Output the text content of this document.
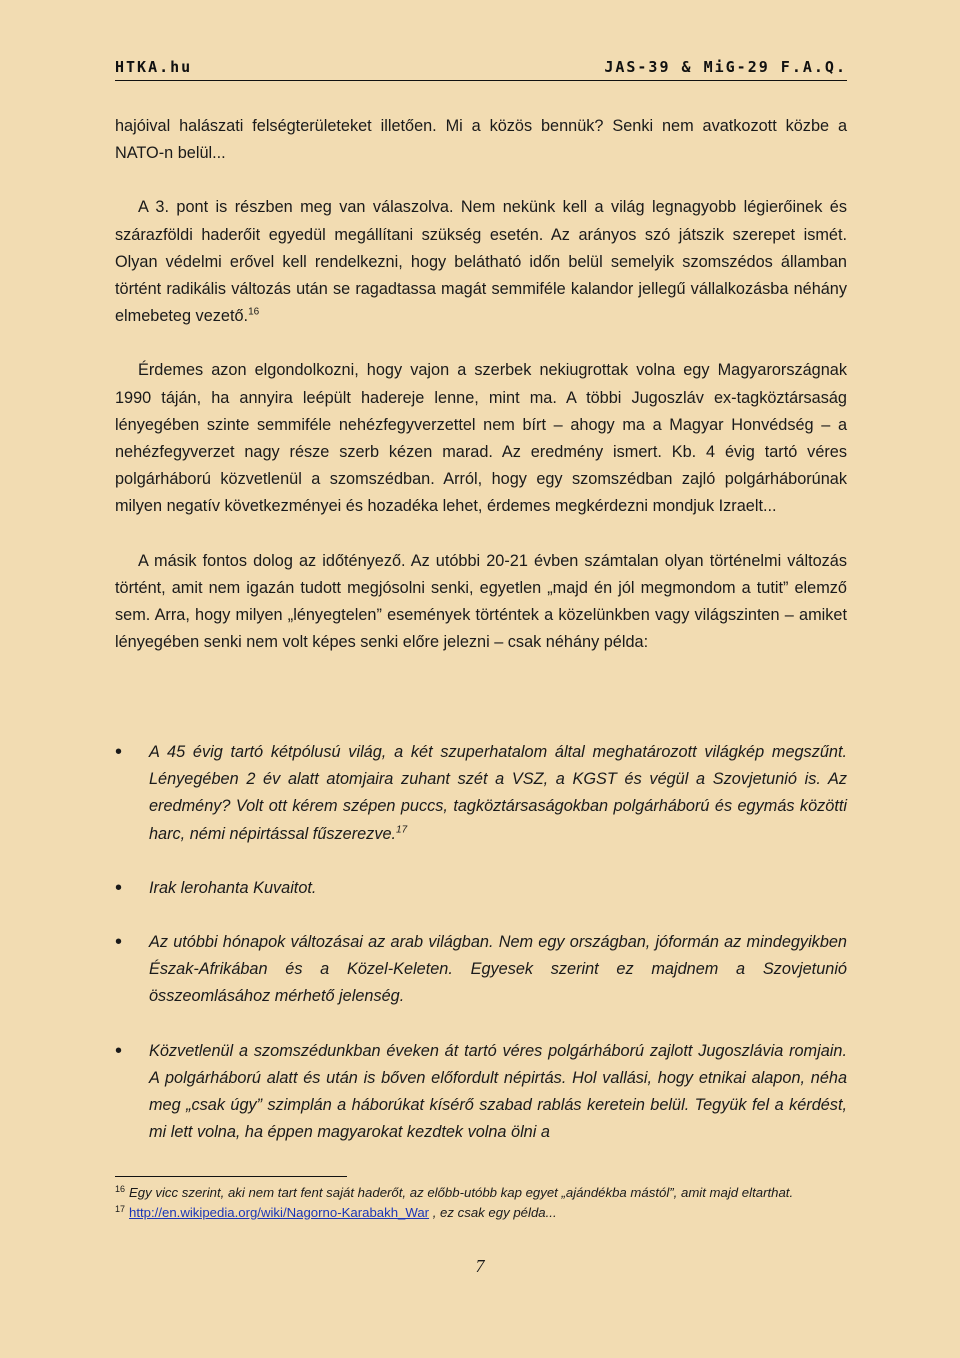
HTKA.hu	JAS-39 & MiG-29 F.A.Q.

hajóival halászati felségterületeket illetően. Mi a közös bennük? Senki nem avatkozott közbe a NATO-n belül...

A 3. pont is részben meg van válaszolva. Nem nekünk kell a világ legnagyobb légierőinek és szárazföldi haderőit egyedül megállítani szükség esetén. Az arányos szó játszik szerepet ismét. Olyan védelmi erővel kell rendelkezni, hogy belátható időn belül semelyik szomszédos államban történt radikális változás után se ragadtassa magát semmiféle kalandor jellegű vállalkozásba néhány elmebeteg vezető.$^{16}$

Érdemes azon elgondolkozni, hogy vajon a szerbek nekiugrottak volna egy Magyarországnak 1990 táján, ha annyira leépült hadereje lenne, mint ma. A többi Jugoszláv ex-tagköztársaság lényegében szinte semmiféle nehézfegyverzettel nem bírt – ahogy ma a Magyar Honvédség – a nehézfegyverzet nagy része szerb kézen marad. Az eredmény ismert. Kb. 4 évig tartó véres polgárháború közvetlenül a szomszédban. Arról, hogy egy szomszédban zajló polgárháborúnak milyen negatív következményei és hozadéka lehet, érdemes megkérdezni mondjuk Izraelt...

A másik fontos dolog az időtényező. Az utóbbi 20-21 évben számtalan olyan történelmi változás történt, amit nem igazán tudott megjósolni senki, egyetlen „majd én jól megmondom a tutit” elemző sem. Arra, hogy milyen „lényegtelen” események történtek a közelünkben vagy világszinten – amiket lényegében senki nem volt képes senki előre jelezni – csak néhány példa:

• A 45 évig tartó kétpólusú világ, a két szuperhatalom által meghatározott világkép megszűnt. Lényegében 2 év alatt atomjaira zuhant szét a VSZ, a KGST és végül a Szovjetunió is. Az eredmény? Volt ott kérem szépen puccs, tagköztársaságokban polgárháború és egymás közötti harc, némi népirtással fűszerezve.$^{17}$
• Irak lerohanta Kuvaitot.
• Az utóbbi hónapok változásai az arab világban. Nem egy országban, jóformán az mindegyikben Észak-Afrikában és a Közel-Keleten. Egyesek szerint ez majdnem a Szovjetunió összeomlásához mérhető jelenség.
• Közvetlenül a szomszédunkban éveken át tartó véres polgárháború zajlott Jugoszlávia romjain. A polgárháború alatt és után is bőven előfordult népirtás. Hol vallási, hogy etnikai alapon, néha meg „csak úgy” szimplán a háborúkat kísérő szabad rablás keretein belül. Tegyük fel a kérdést, mi lett volna, ha éppen magyarokat kezdtek volna ölni a

$^{16}$ Egy vicc szerint, aki nem tart fent saját haderőt, az előbb-utóbb kap egyet „ajándékba mástól”, amit majd eltarthat.

$^{17}$ http://en.wikipedia.org/wiki/Nagorno-Karabakh_War , ez csak egy példa...

7
